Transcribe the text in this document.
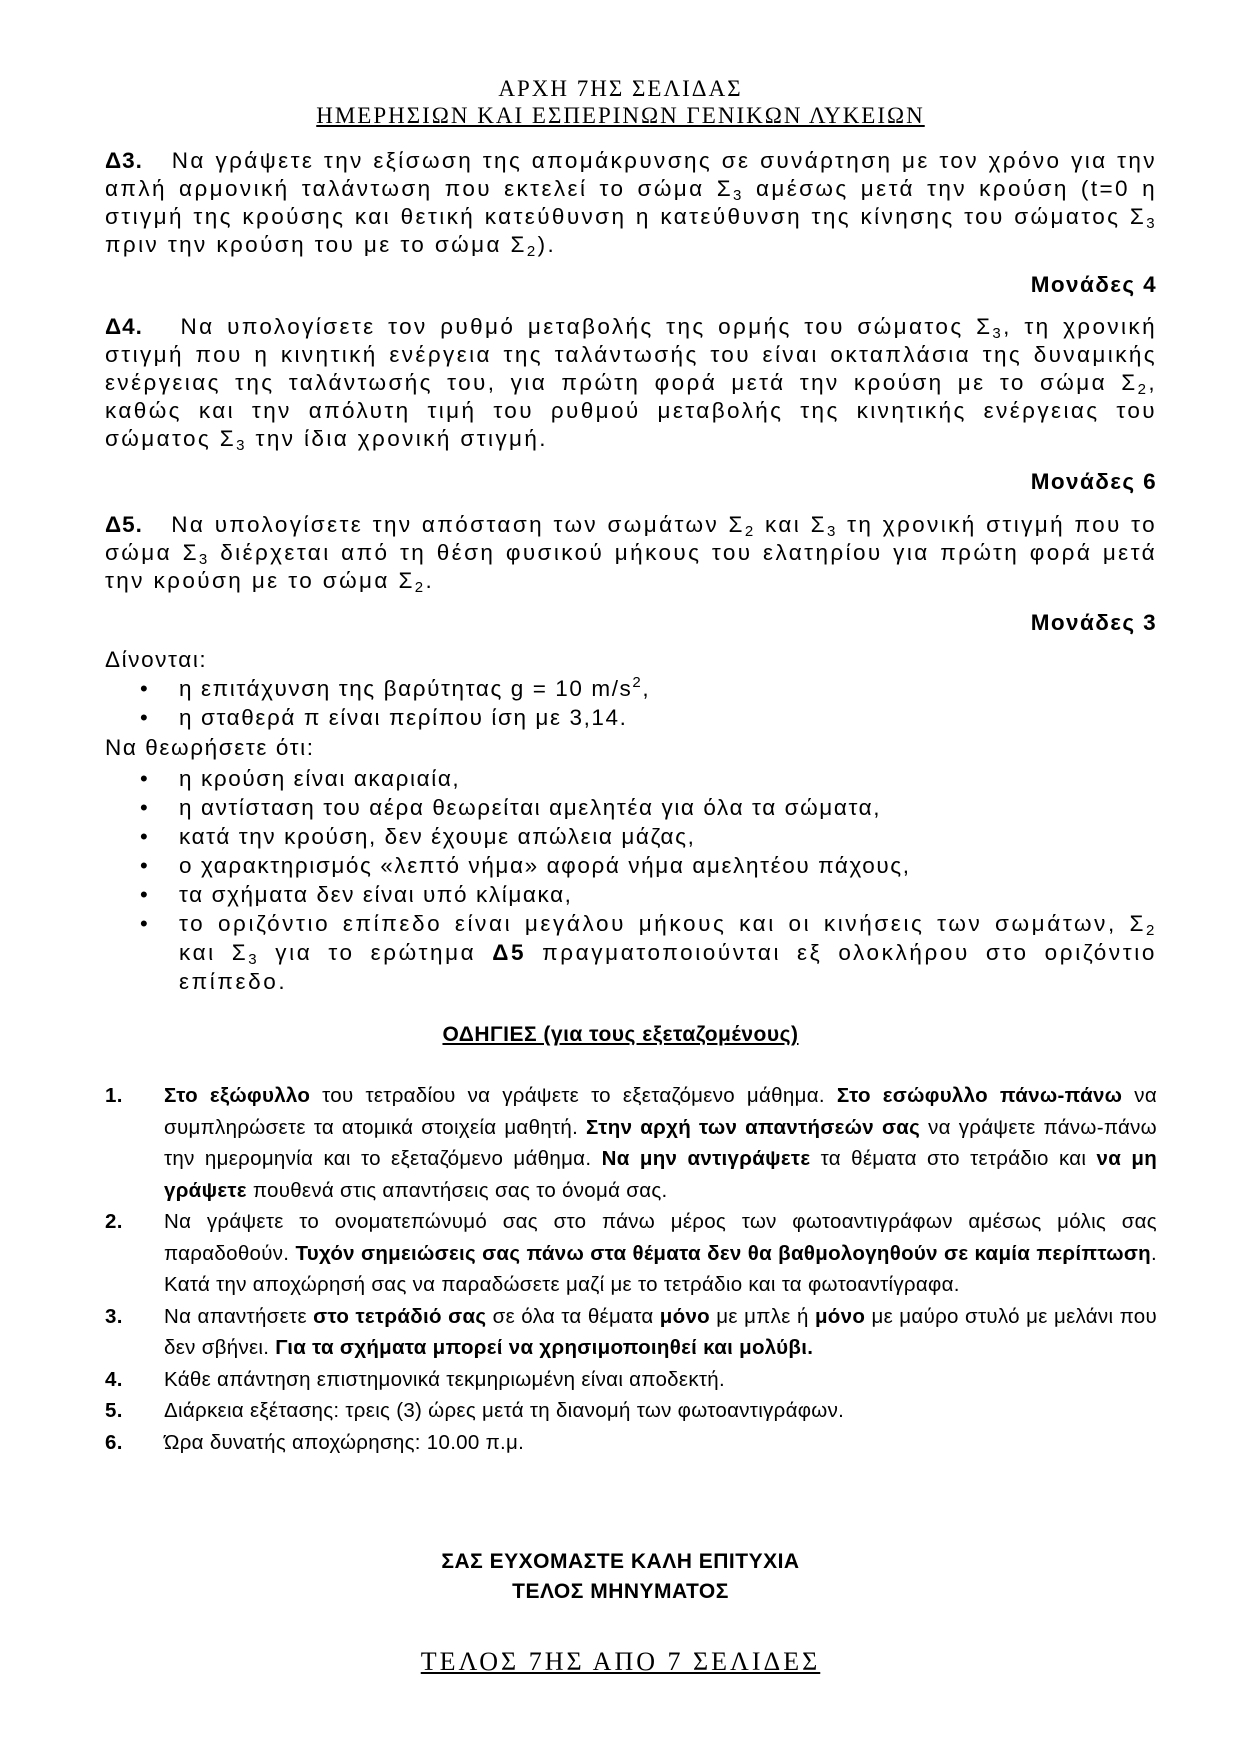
ΑΡΧΗ 7ΗΣ ΣΕΛΙΔΑΣ
ΗΜΕΡΗΣΙΩΝ ΚΑΙ ΕΣΠΕΡΙΝΩΝ ΓΕΝΙΚΩΝ ΛΥΚΕΙΩΝ
Δ3.   Να γράψετε την εξίσωση της απομάκρυνσης σε συνάρτηση με τον χρόνο για την απλή αρμονική ταλάντωση που εκτελεί το σώμα $\Sigma_3$ αμέσως μετά την κρούση (t=0 η στιγμή της κρούσης και θετική κατεύθυνση η κατεύθυνση της κίνησης του σώματος $\Sigma_3$ πριν την κρούση του με το σώμα $\Sigma_2$).
Μονάδες 4
Δ4.   Να υπολογίσετε τον ρυθμό μεταβολής της ορμής του σώματος $\Sigma_3$, τη χρονική στιγμή που η κινητική ενέργεια της ταλάντωσής του είναι οκταπλάσια της δυναμικής ενέργειας της ταλάντωσής του, για πρώτη φορά μετά την κρούση με το σώμα $\Sigma_2$, καθώς και την απόλυτη τιμή του ρυθμού μεταβολής της κινητικής ενέργειας του σώματος $\Sigma_3$ την ίδια χρονική στιγμή.
Μονάδες 6
Δ5.   Να υπολογίσετε την απόσταση των σωμάτων $\Sigma_2$ και $\Sigma_3$ τη χρονική στιγμή που το σώμα $\Sigma_3$ διέρχεται από τη θέση φυσικού μήκους του ελατηρίου για πρώτη φορά μετά την κρούση με το σώμα $\Sigma_2$.
Μονάδες 3
Δίνονται:
• η επιτάχυνση της βαρύτητας g = 10 $m/s^2$,
• η σταθερά π είναι περίπου ίση με 3,14.
Να θεωρήσετε ότι:
• η κρούση είναι ακαριαία,
• η αντίσταση του αέρα θεωρείται αμελητέα για όλα τα σώματα,
• κατά την κρούση, δεν έχουμε απώλεια μάζας,
• ο χαρακτηρισμός «λεπτό νήμα» αφορά νήμα αμελητέου πάχους,
• τα σχήματα δεν είναι υπό κλίμακα,
• το οριζόντιο επίπεδο είναι μεγάλου μήκους και οι κινήσεις των σωμάτων, $\Sigma_2$ και $\Sigma_3$ για το ερώτημα Δ5 πραγματοποιούνται εξ ολοκλήρου στο οριζόντιο επίπεδο.
ΟΔΗΓΙΕΣ (για τους εξεταζομένους)
1. Στο εξώφυλλο του τετραδίου να γράψετε το εξεταζόμενο μάθημα. Στο εσώφυλλο πάνω-πάνω να συμπληρώσετε τα ατομικά στοιχεία μαθητή. Στην αρχή των απαντήσεών σας να γράψετε πάνω-πάνω την ημερομηνία και το εξεταζόμενο μάθημα. Να μην αντιγράψετε τα θέματα στο τετράδιο και να μη γράψετε πουθενά στις απαντήσεις σας το όνομά σας.
2. Να γράψετε το ονοματεπώνυμό σας στο πάνω μέρος των φωτοαντιγράφων αμέσως μόλις σας παραδοθούν. Τυχόν σημειώσεις σας πάνω στα θέματα δεν θα βαθμολογηθούν σε καμία περίπτωση. Κατά την αποχώρησή σας να παραδώσετε μαζί με το τετράδιο και τα φωτοαντίγραφα.
3. Να απαντήσετε στο τετράδιό σας σε όλα τα θέματα μόνο με μπλε ή μόνο με μαύρο στυλό με μελάνι που δεν σβήνει. Για τα σχήματα μπορεί να χρησιμοποιηθεί και μολύβι.
4. Κάθε απάντηση επιστημονικά τεκμηριωμένη είναι αποδεκτή.
5. Διάρκεια εξέτασης: τρεις (3) ώρες μετά τη διανομή των φωτοαντιγράφων.
6. Ώρα δυνατής αποχώρησης: 10.00 π.μ.
ΣΑΣ ΕΥΧΟΜΑΣΤΕ ΚΑΛΗ ΕΠΙΤΥΧΙΑ
ΤΕΛΟΣ ΜΗΝΥΜΑΤΟΣ
ΤΕΛΟΣ 7ΗΣ ΑΠΟ 7 ΣΕΛΙΔΕΣ
